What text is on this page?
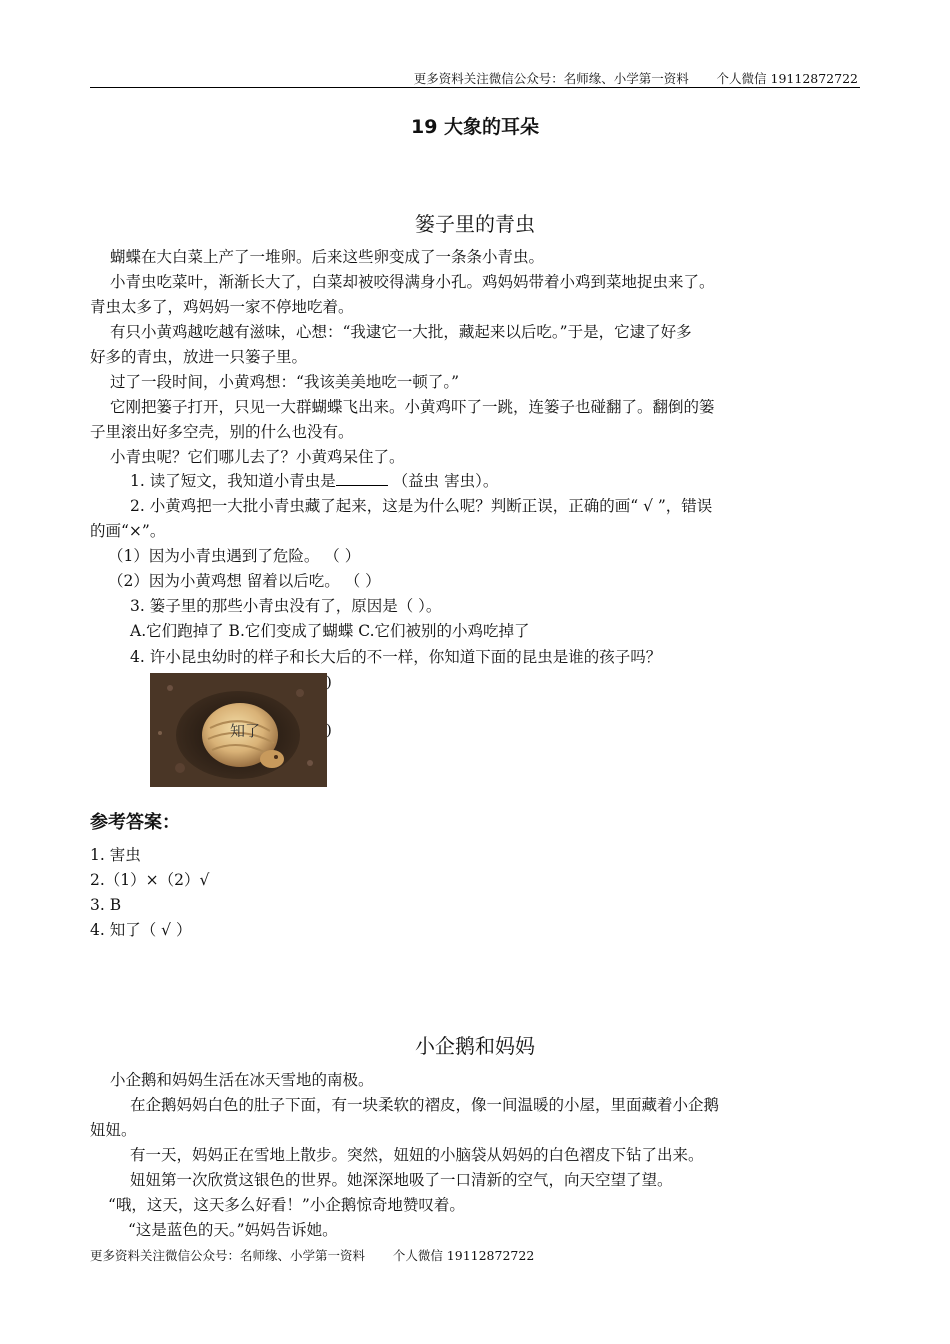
更多资料关注微信公众号：名师缘、小学第一资料       个人微信 19112872722
19 大象的耳朵
篓子里的青虫
蝴蝶在大白菜上产了一堆卵。后来这些卵变成了一条条小青虫。
小青虫吃菜叶，渐渐长大了，白菜却被咬得满身小孔。鸡妈妈带着小鸡到菜地捉虫来了。
青虫太多了，鸡妈妈一家不停地吃着。
有只小黄鸡越吃越有滋味，心想：“我逮它一大批，藏起来以后吃。”于是，它逮了好多
好多的青虫，放进一只篓子里。
过了一段时间，小黄鸡想：“我该美美地吃一顿了。”
它刚把篓子打开，只见一大群蝴蝶飞出来。小黄鸡吓了一跳，连篓子也碰翻了。翻倒的篓
子里滚出好多空壳，别的什么也没有。
小青虫呢？它们哪儿去了？小黄鸡呆住了。
1. 读了短文，我知道小青虫是	（益虫 害虫）。
2. 小黄鸡把一大批小青虫藏了起来，这是为什么呢？判断正误，正确的画“ √ ”，错误
的画“×”。
（1）因为小青虫遇到了危险。 （ ）
（2）因为小黄鸡想 留着以后吃。 （ ）
3. 篓子里的那些小青虫没有了，原因是（ ）。
A.它们跑掉了 B.它们变成了蝴蝶 C.它们被别的小鸡吃掉了
4. 许小昆虫幼时的样子和长大后的不一样，你知道下面的昆虫是谁的孩子吗？
知了
)
)
参考答案：
1. 害虫
2.（1）×（2）√
3. B
4. 知了（ √ ）
小企鹅和妈妈
小企鹅和妈妈生活在冰天雪地的南极。
在企鹅妈妈白色的肚子下面，有一块柔软的褶皮，像一间温暖的小屋，里面藏着小企鹅
妞妞。
有一天，妈妈正在雪地上散步。突然，妞妞的小脑袋从妈妈的白色褶皮下钻了出来。
妞妞第一次欣赏这银色的世界。她深深地吸了一口清新的空气，向天空望了望。
“哦，这天，这天多么好看！”小企鹅惊奇地赞叹着。
“这是蓝色的天。”妈妈告诉她。
更多资料关注微信公众号：名师缘、小学第一资料       个人微信 19112872722
